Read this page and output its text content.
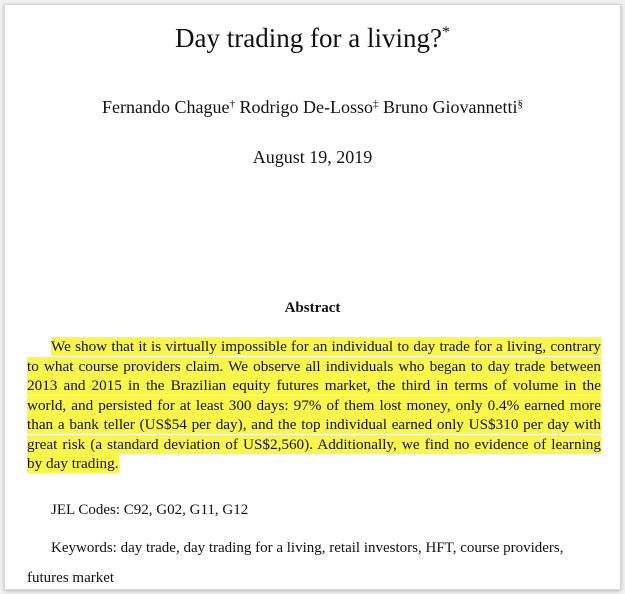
Day trading for a living?*
Fernando Chague† Rodrigo De-Losso‡ Bruno Giovannetti§
August 19, 2019
Abstract

We show that it is virtually impossible for an individual to day trade for a living, contrary to what course providers claim. We observe all individuals who began to day trade between 2013 and 2015 in the Brazilian equity futures market, the third in terms of volume in the world, and persisted for at least 300 days: 97% of them lost money, only 0.4% earned more than a bank teller (US$54 per day), and the top individual earned only US$310 per day with great risk (a standard deviation of US$2,560). Additionally, we find no evidence of learning by day trading.

JEL Codes: C92, G02, G11, G12

Keywords: day trade, day trading for a living, retail investors, HFT, course providers, futures market
